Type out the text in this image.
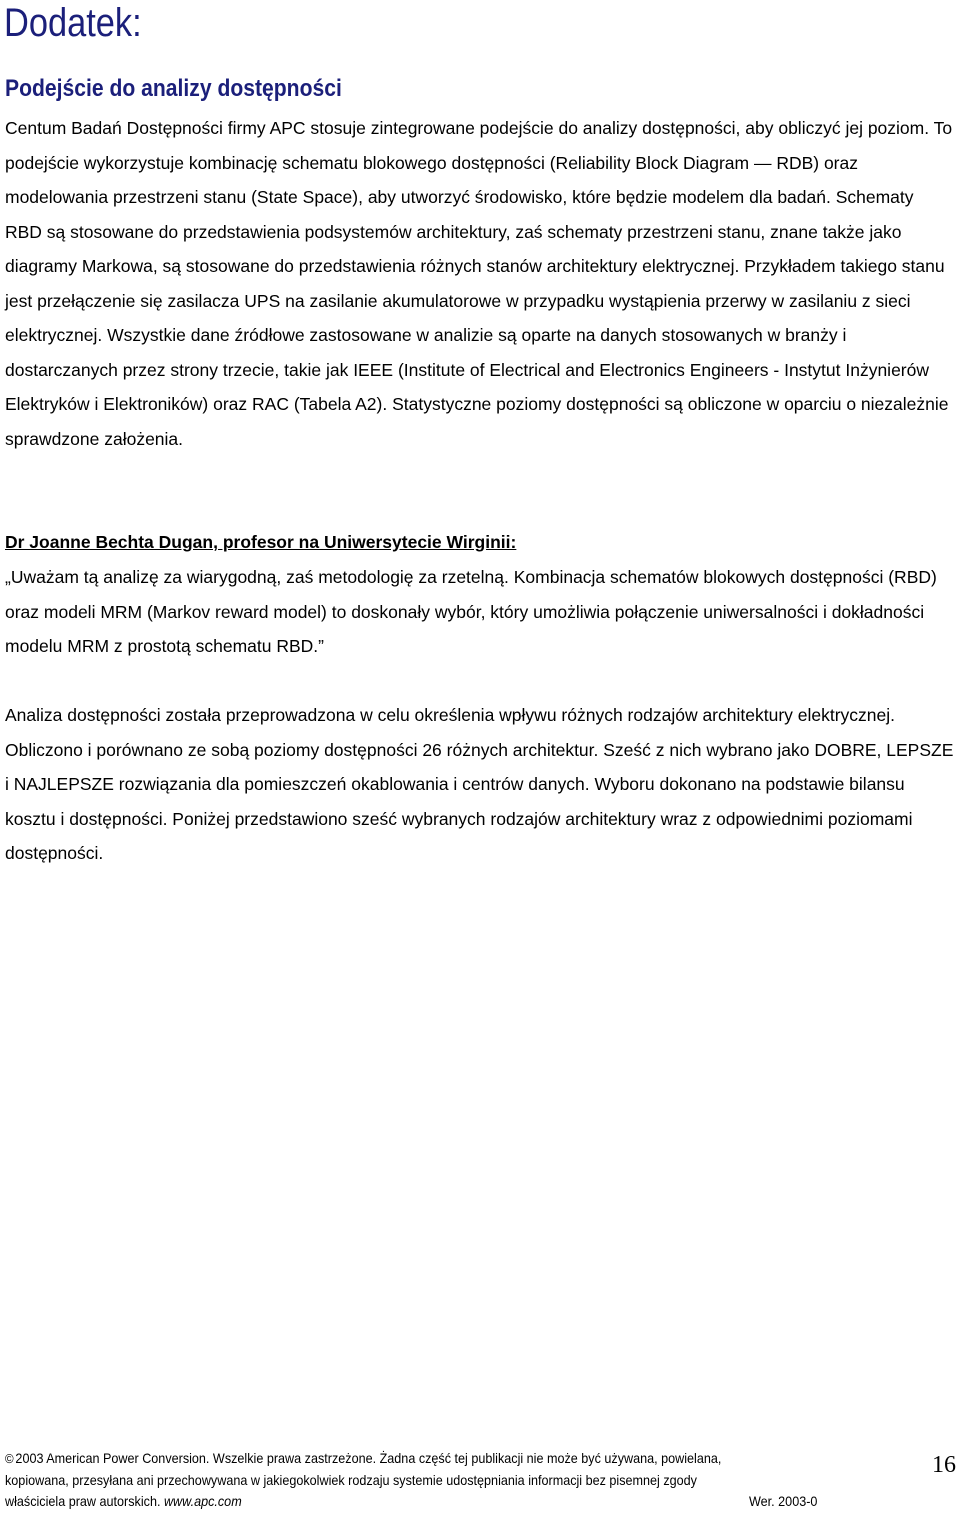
Dodatek:
Podejście do analizy dostępności

Centum Badań Dostępności firmy APC stosuje zintegrowane podejście do analizy dostępności, aby obliczyć jej poziom. To podejście wykorzystuje kombinację schematu blokowego dostępności (Reliability Block Diagram — RDB) oraz modelowania przestrzeni stanu (State Space), aby utworzyć środowisko, które będzie modelem dla badań. Schematy RBD są stosowane do przedstawienia podsystemów architektury, zaś schematy przestrzeni stanu, znane także jako diagramy Markowa, są stosowane do przedstawienia różnych stanów architektury elektrycznej. Przykładem takiego stanu jest przełączenie się zasilacza UPS na zasilanie akumulatorowe w przypadku wystąpienia przerwy w zasilaniu z sieci elektrycznej. Wszystkie dane źródłowe zastosowane w analizie są oparte na danych stosowanych w branży i dostarczanych przez strony trzecie, takie jak IEEE (Institute of Electrical and Electronics Engineers - Instytut Inżynierów Elektryków i Elektroników) oraz RAC (Tabela A2). Statystyczne poziomy dostępności są obliczone w oparciu o niezależnie sprawdzone założenia.

Dr Joanne Bechta Dugan, profesor na Uniwersytecie Wirginii:

„Uważam tą analizę za wiarygodną, zaś metodologię za rzetelną. Kombinacja schematów blokowych dostępności (RBD) oraz modeli MRM (Markov reward model) to doskonały wybór, który umożliwia połączenie uniwersalności i dokładności modelu MRM z prostotą schematu RBD.”

Analiza dostępności została przeprowadzona w celu określenia wpływu różnych rodzajów architektury elektrycznej. Obliczono i porównano ze sobą poziomy dostępności 26 różnych architektur. Sześć z nich wybrano jako DOBRE, LEPSZE i NAJLEPSZE rozwiązania dla pomieszczeń okablowania i centrów danych. Wyboru dokonano na podstawie bilansu kosztu i dostępności. Poniżej przedstawiono sześć wybranych rodzajów architektury wraz z odpowiednimi poziomami dostępności.

© 2003 American Power Conversion. Wszelkie prawa zastrzeżone. Żadna część tej publikacji nie może być używana, powielana,
kopiowana, przesyłana ani przechowywana w jakiegokolwiek rodzaju systemie udostępniania informacji bez pisemnej zgody
właściciela praw autorskich. www.apc.com	Wer. 2003-0
16
